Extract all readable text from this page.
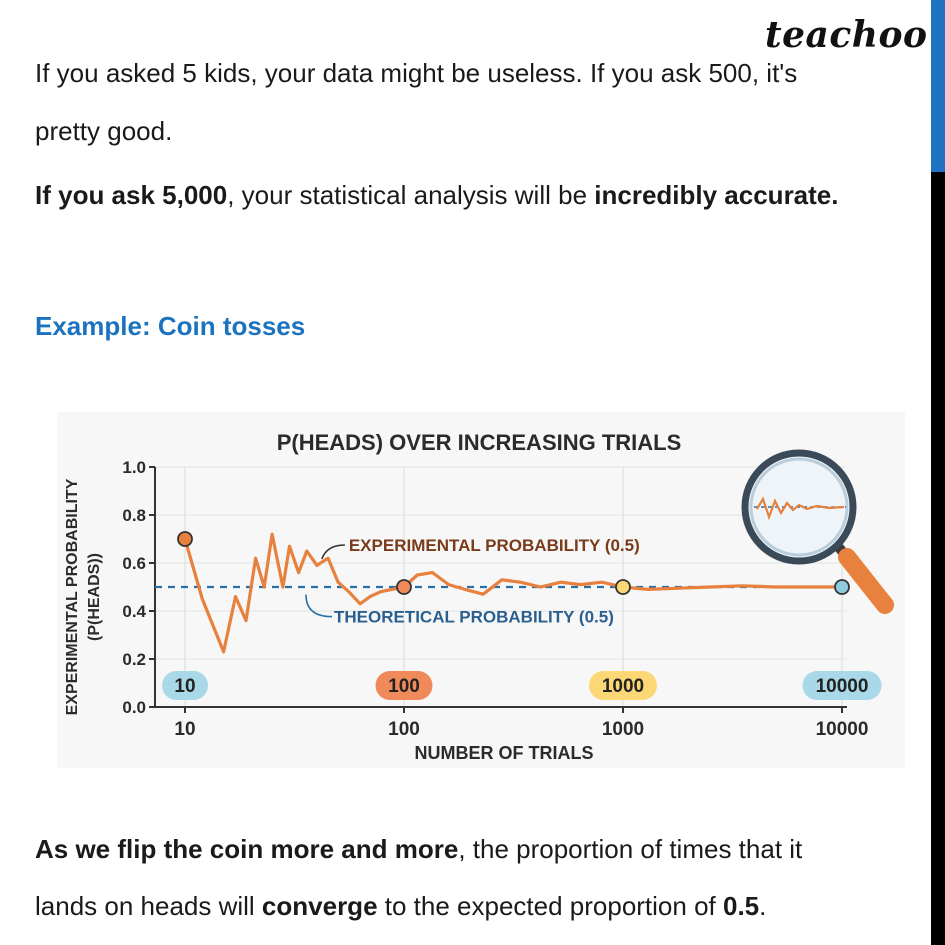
teachoo
If you asked 5 kids, your data might be useless. If you ask 500, it's
pretty good.
If you ask 5,000, your statistical analysis will be incredibly accurate.
Example: Coin tosses
0.0
0.2
0.4
0.6
0.8
1.0
10	100	1000	10000
10	100	1000	10000
EXPERIMENTAL PROBABILITY (0.5)
THEORETICAL PROBABILITY (0.5)
P(HEADS) OVER INCREASING TRIALS
NUMBER OF TRIALS
EXPERIMENTAL PROBABILITY (P(HEADS))
As we flip the coin more and more, the proportion of times that it
lands on heads will converge to the expected proportion of 0.5.
